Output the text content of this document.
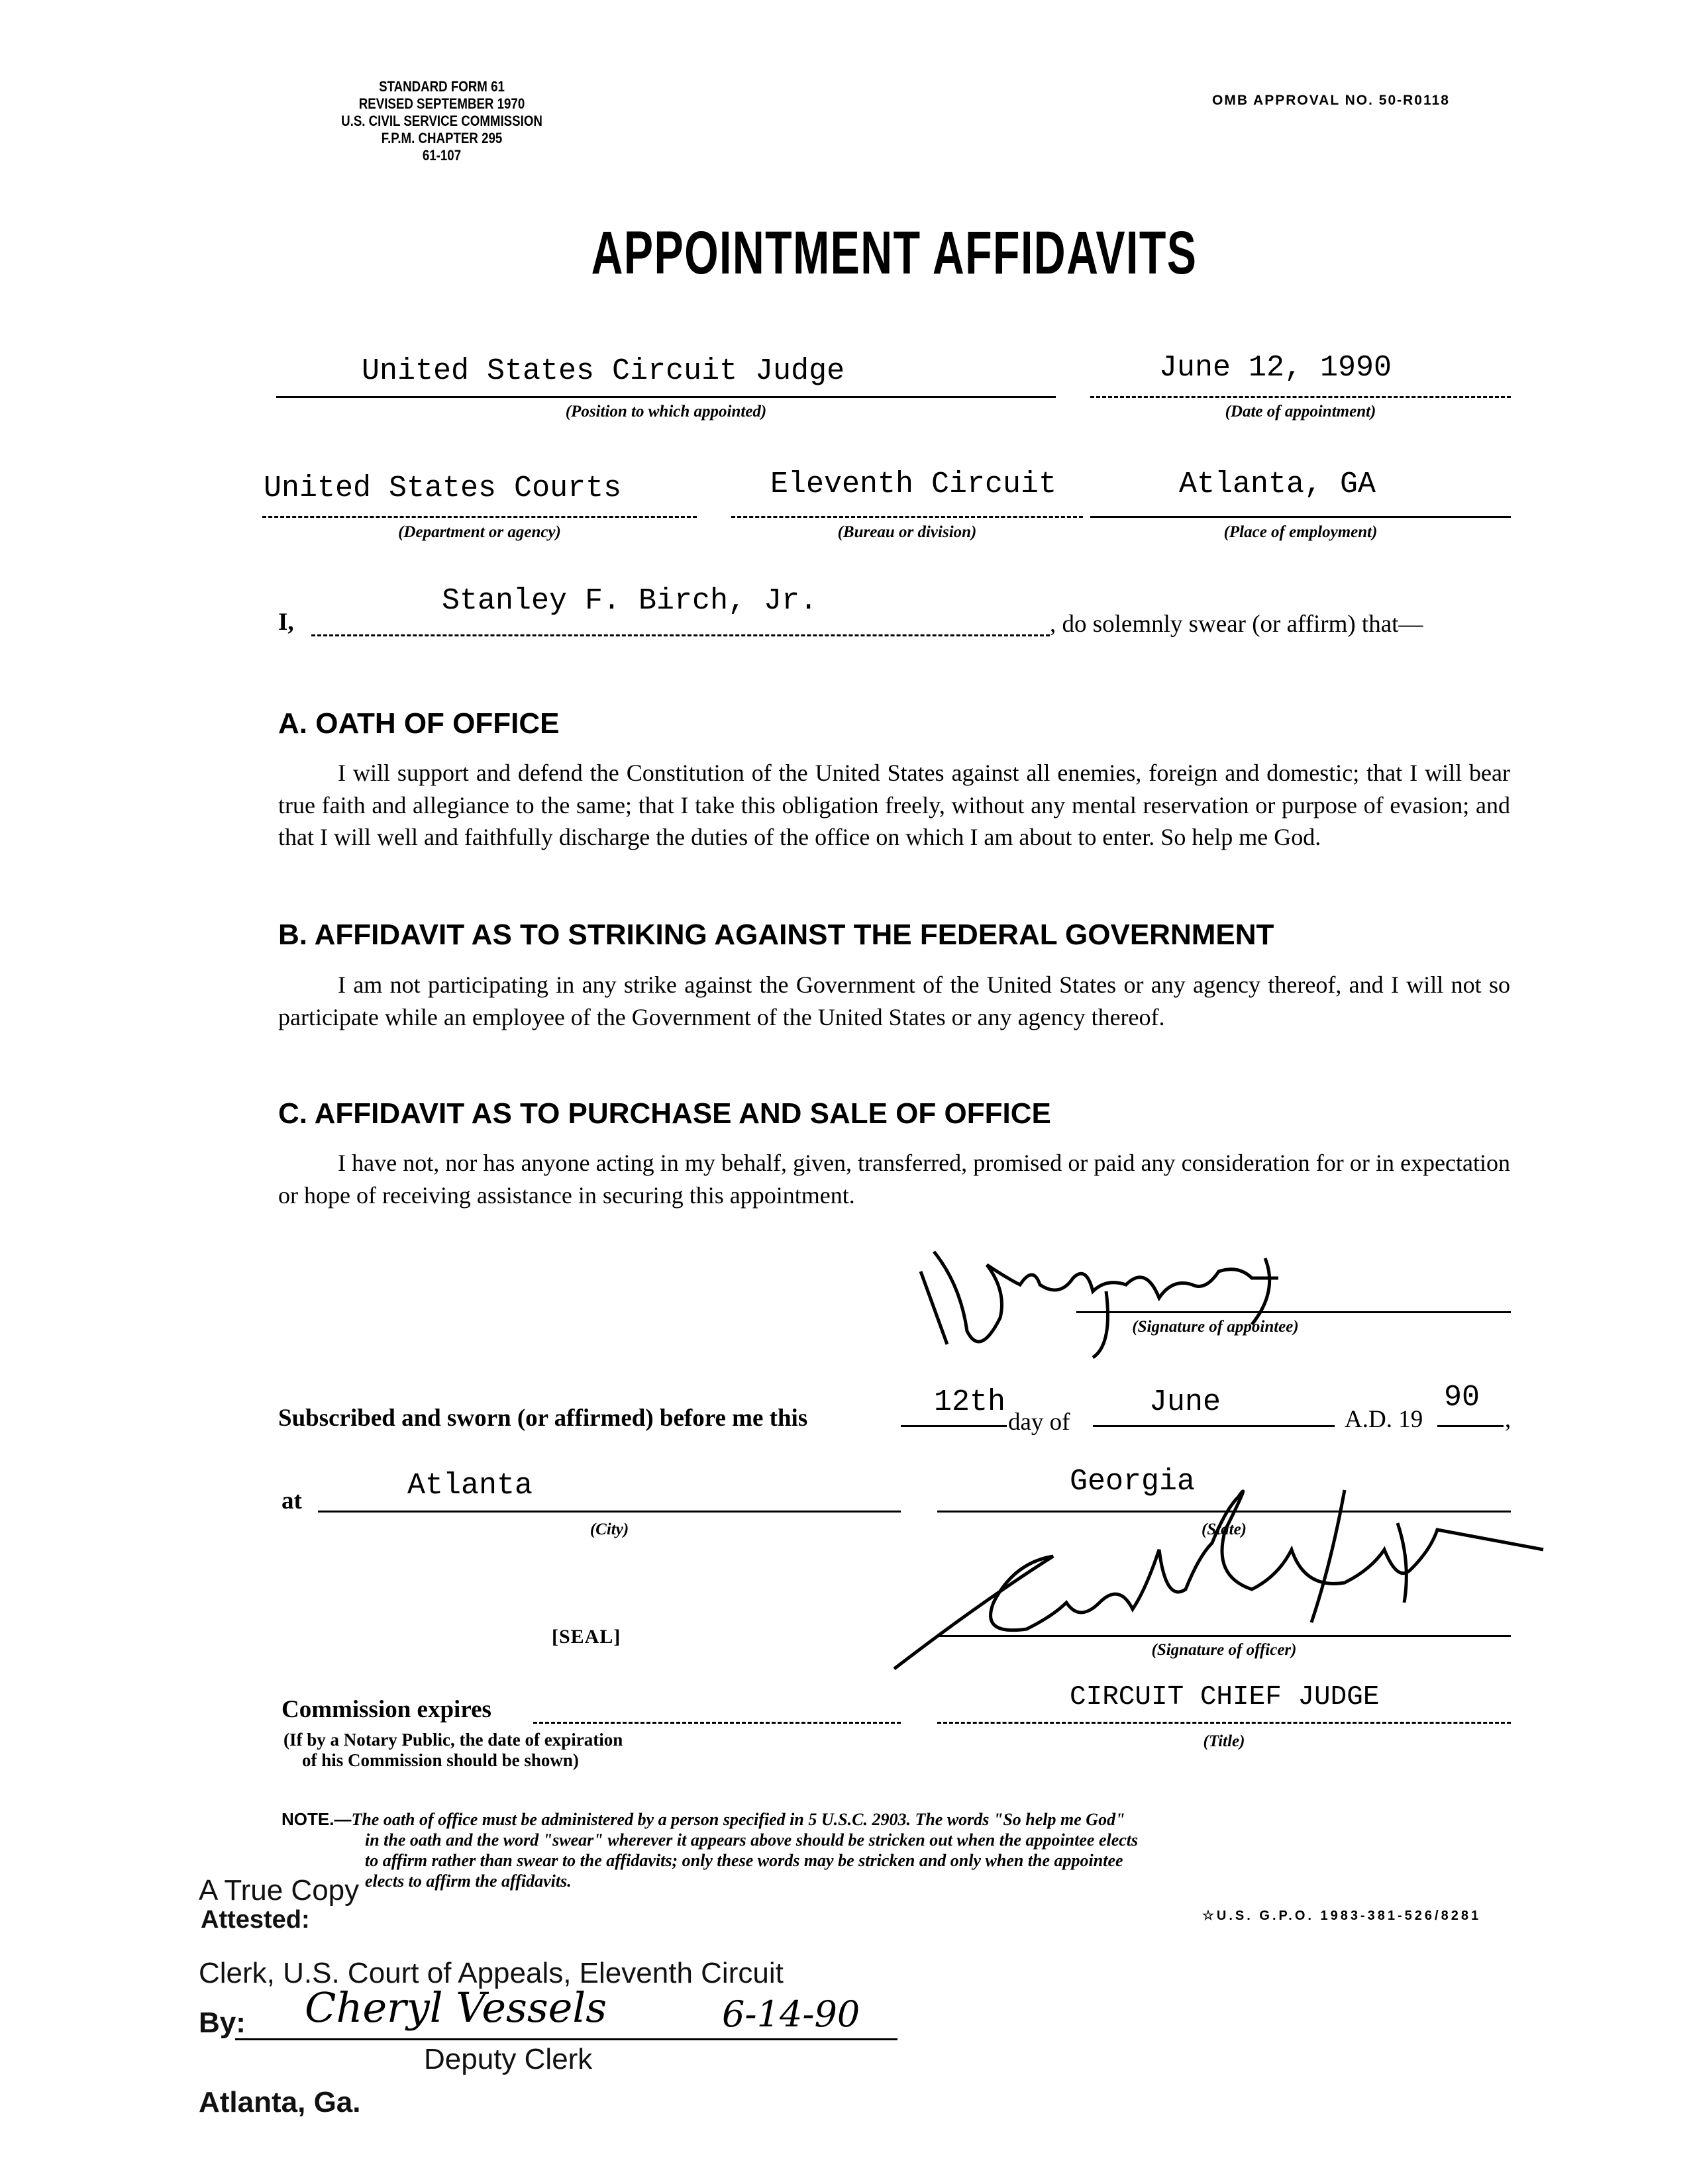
STANDARD FORM 61
REVISED SEPTEMBER 1970
U.S. CIVIL SERVICE COMMISSION
F.P.M. CHAPTER 295
61-107
OMB APPROVAL NO. 50-R0118
APPOINTMENT AFFIDAVITS
United States Circuit Judge
(Position to which appointed)
June 12, 1990
(Date of appointment)
United States Courts
(Department or agency)
Eleventh Circuit
(Bureau or division)
Atlanta, GA
(Place of employment)
I,
Stanley F. Birch, Jr.
, do solemnly swear (or affirm) that—
A. OATH OF OFFICE
I will support and defend the Constitution of the United States against all enemies, foreign and domestic; that I will bear true faith and allegiance to the same; that I take this obligation freely, without any mental reservation or purpose of evasion; and that I will well and faithfully discharge the duties of the office on which I am about to enter. So help me God.
B. AFFIDAVIT AS TO STRIKING AGAINST THE FEDERAL GOVERNMENT
I am not participating in any strike against the Government of the United States or any agency thereof, and I will not so participate while an employee of the Government of the United States or any agency thereof.
C. AFFIDAVIT AS TO PURCHASE AND SALE OF OFFICE
I have not, nor has anyone acting in my behalf, given, transferred, promised or paid any consideration for or in expectation or hope of receiving assistance in securing this appointment.
(Signature of appointee)
Subscribed and sworn (or affirmed) before me this	12th
day of
June
A.D. 19
90
,
at	Atlanta
(City)
Georgia
(State)
[SEAL]
(Signature of officer)
Commission expires
(If by a Notary Public, the date of expiration
of his Commission should be shown)
CIRCUIT CHIEF JUDGE
(Title)
NOTE.—The oath of office must be administered by a person specified in 5 U.S.C. 2903. The words "So help me God"
in the oath and the word "swear" wherever it appears above should be stricken out when the appointee elects
to affirm rather than swear to the affidavits; only these words may be stricken and only when the appointee
elects to affirm the affidavits.
☆U.S. G.P.O. 1983-381-526/8281
A True Copy
Attested:
Clerk, U.S. Court of Appeals, Eleventh Circuit
By: Cheryl Vessels	6-14-90
Deputy Clerk
Atlanta, Ga.
